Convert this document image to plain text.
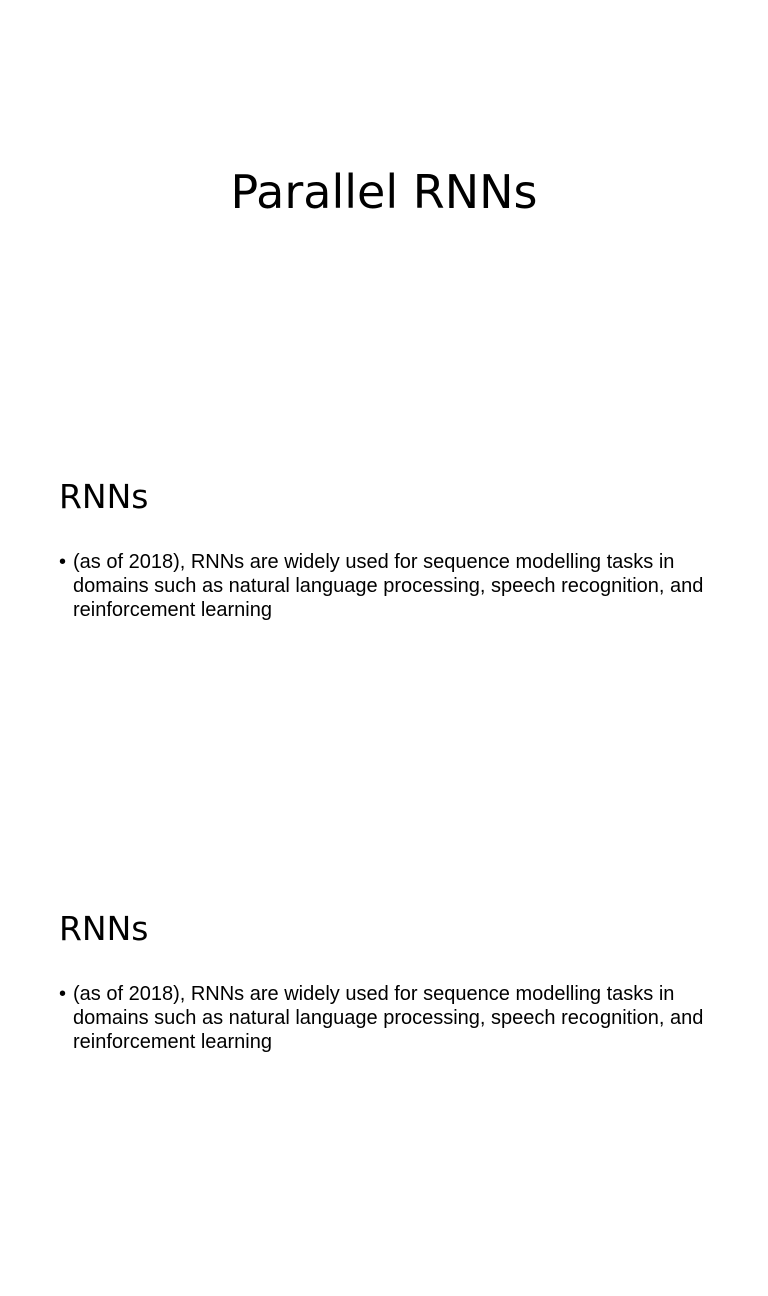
Parallel RNNs
RNNs
• (as of 2018), RNNs are widely used for sequence modelling tasks in domains such as natural language processing, speech recognition, and reinforcement learning
RNNs
• (as of 2018), RNNs are widely used for sequence modelling tasks in domains such as natural language processing, speech recognition, and reinforcement learning
